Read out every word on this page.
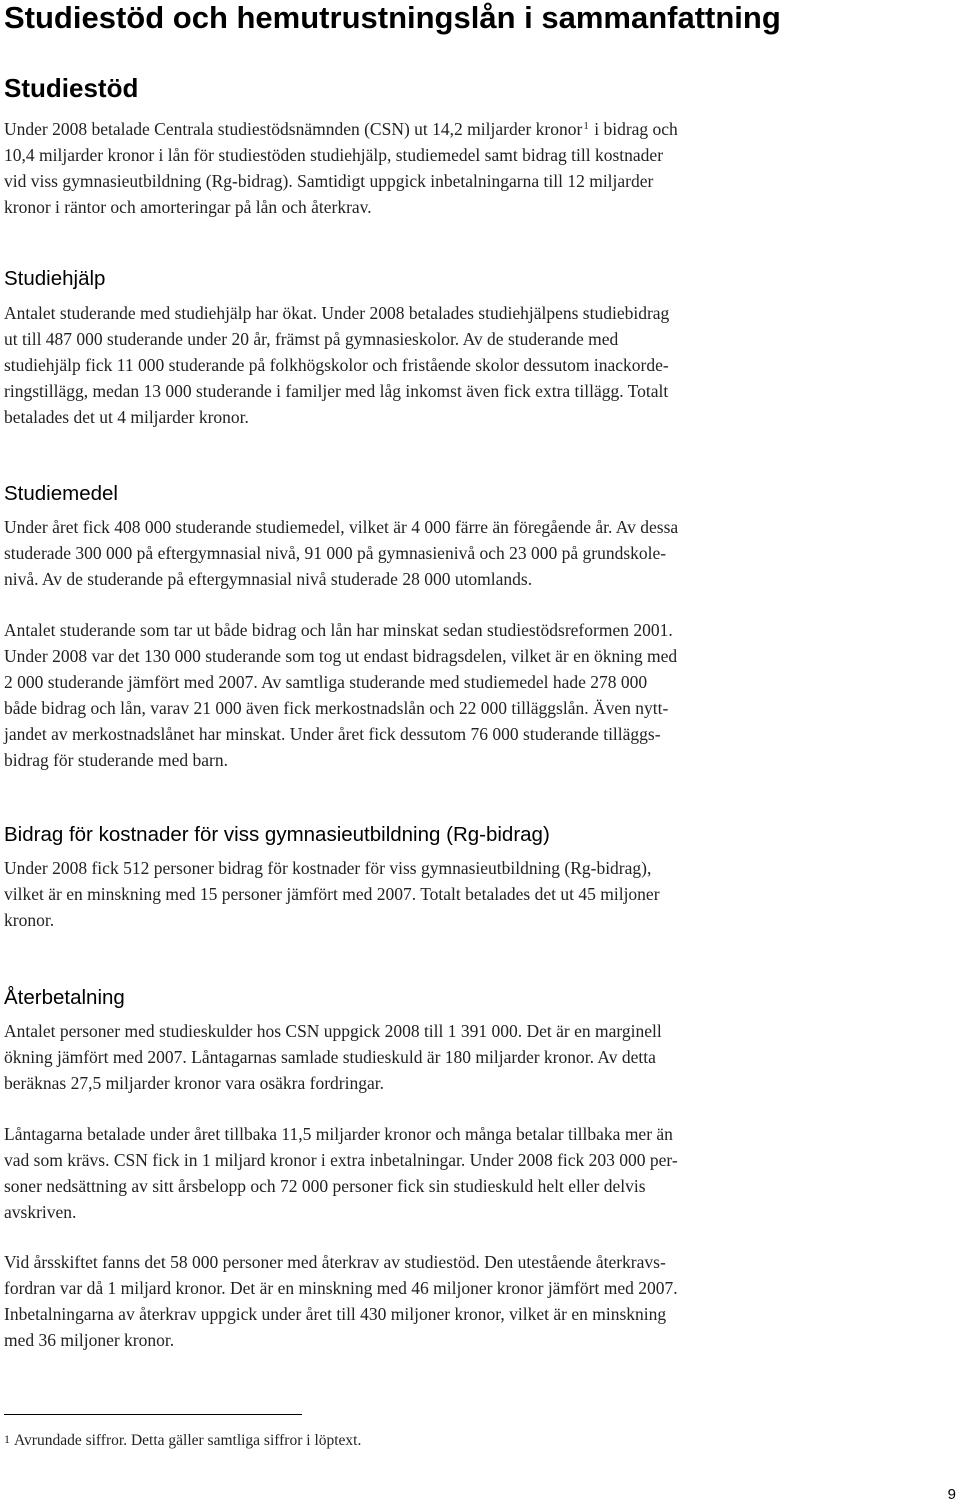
Studiestöd och hemutrustningslån i sammanfattning
Studiestöd
Under 2008 betalade Centrala studiestödsnämnden (CSN) ut 14,2 miljarder kronor$^1$ i bidrag och
10,4 miljarder kronor i lån för studiestöden studiehjälp, studiemedel samt bidrag till kostnader
vid viss gymnasieutbildning (Rg-bidrag). Samtidigt uppgick inbetalningarna till 12 miljarder
kronor i räntor och amorteringar på lån och återkrav.
Studiehjälp
Antalet studerande med studiehjälp har ökat. Under 2008 betalades studiehjälpens studiebidrag
ut till 487 000 studerande under 20 år, främst på gymnasieskolor. Av de studerande med
studiehjälp fick 11 000 studerande på folkhögskolor och fristående skolor dessutom inackorde-
ringstillägg, medan 13 000 studerande i familjer med låg inkomst även fick extra tillägg. Totalt
betalades det ut 4 miljarder kronor.
Studiemedel
Under året fick 408 000 studerande studiemedel, vilket är 4 000 färre än föregående år. Av dessa
studerade 300 000 på eftergymnasial nivå, 91 000 på gymnasienivå och 23 000 på grundskole-
nivå. Av de studerande på eftergymnasial nivå studerade 28 000 utomlands.
Antalet studerande som tar ut både bidrag och lån har minskat sedan studiestödsreformen 2001.
Under 2008 var det 130 000 studerande som tog ut endast bidragsdelen, vilket är en ökning med
2 000 studerande jämfört med 2007. Av samtliga studerande med studiemedel hade 278 000
både bidrag och lån, varav 21 000 även fick merkostnadslån och 22 000 tilläggslån. Även nytt-
jandet av merkostnadslånet har minskat. Under året fick dessutom 76 000 studerande tilläggs-
bidrag för studerande med barn.
Bidrag för kostnader för viss gymnasieutbildning (Rg-bidrag)
Under 2008 fick 512 personer bidrag för kostnader för viss gymnasieutbildning (Rg-bidrag),
vilket är en minskning med 15 personer jämfört med 2007. Totalt betalades det ut 45 miljoner
kronor.
Återbetalning
Antalet personer med studieskulder hos CSN uppgick 2008 till 1 391 000. Det är en marginell
ökning jämfört med 2007. Låntagarnas samlade studieskuld är 180 miljarder kronor. Av detta
beräknas 27,5 miljarder kronor vara osäkra fordringar.
Låntagarna betalade under året tillbaka 11,5 miljarder kronor och många betalar tillbaka mer än
vad som krävs. CSN fick in 1 miljard kronor i extra inbetalningar. Under 2008 fick 203 000 per-
soner nedsättning av sitt årsbelopp och 72 000 personer fick sin studieskuld helt eller delvis
avskriven.
Vid årsskiftet fanns det 58 000 personer med återkrav av studiestöd. Den utestående återkravs-
fordran var då 1 miljard kronor. Det är en minskning med 46 miljoner kronor jämfört med 2007.
Inbetalningarna av återkrav uppgick under året till 430 miljoner kronor, vilket är en minskning
med 36 miljoner kronor.

1 Avrundade siffror. Detta gäller samtliga siffror i löptext.

9
